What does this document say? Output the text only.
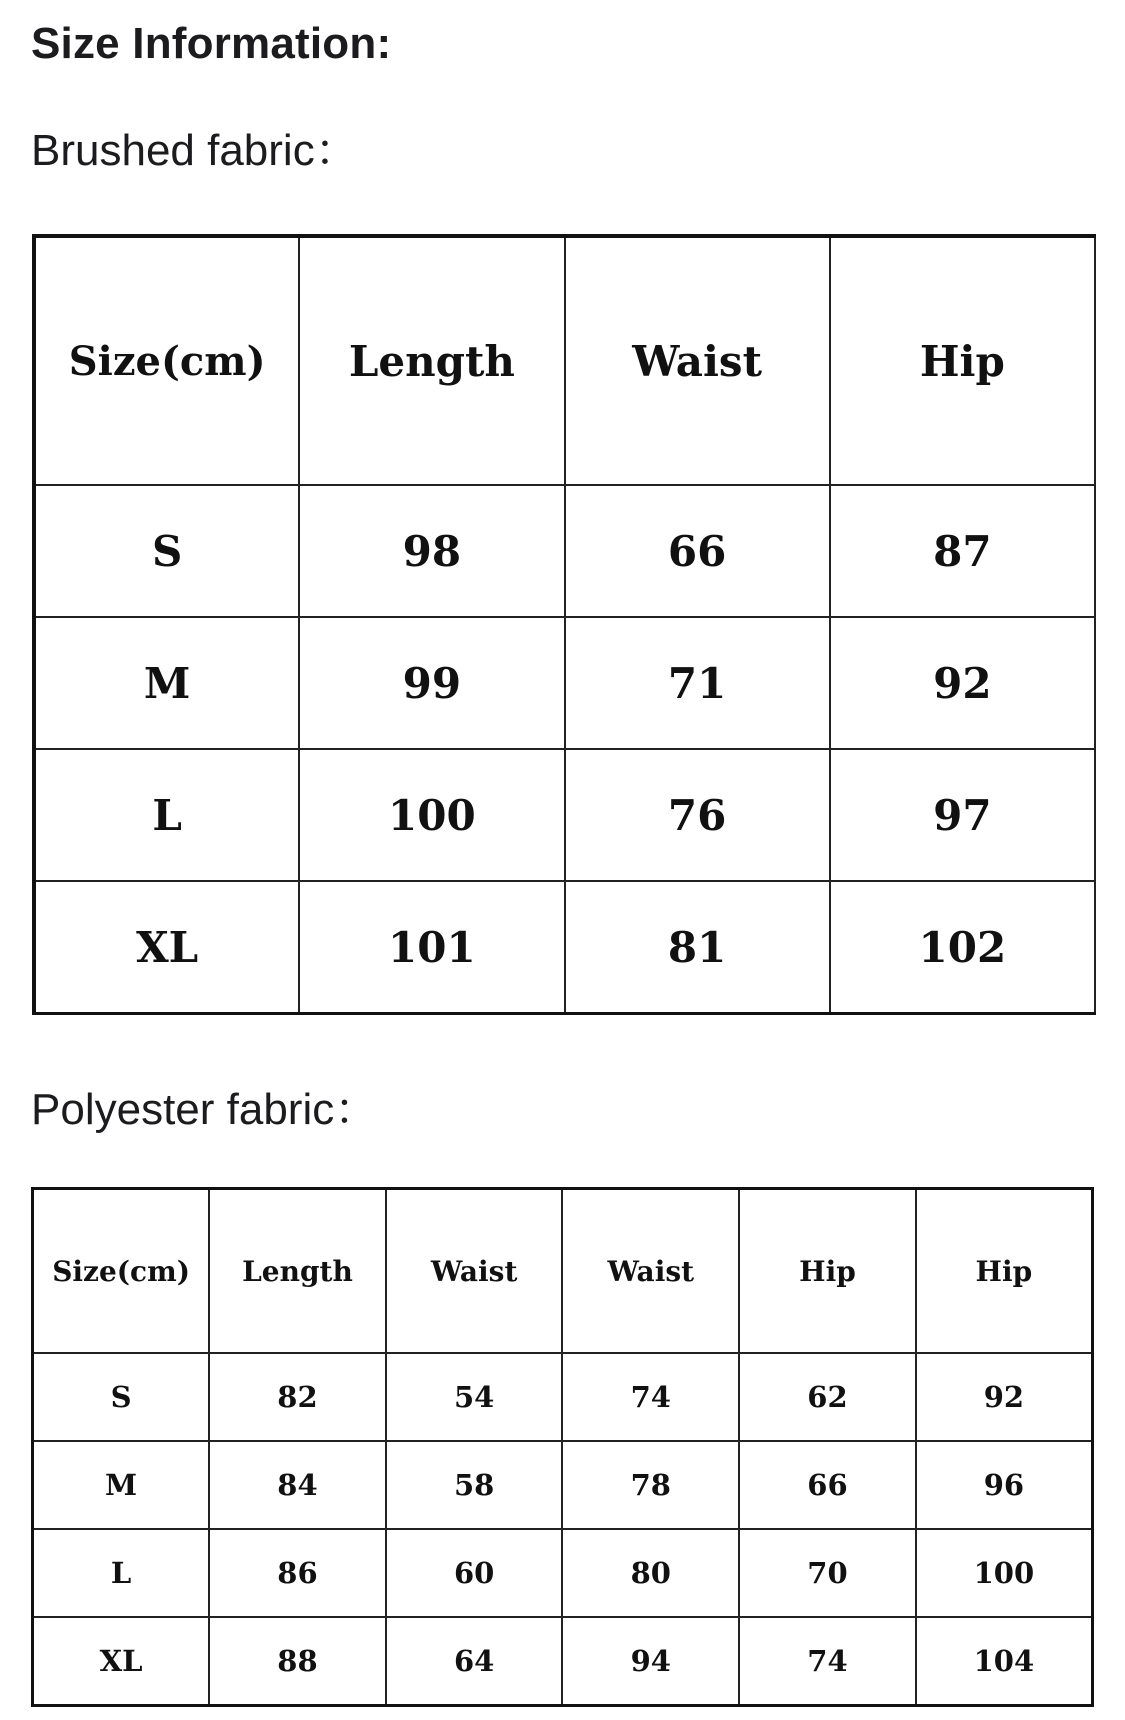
Size Information:
Brushed fabric：
Size(cm)	Length	Waist	Hip
S	98	66	87
M	99	71	92
L	100	76	97
XL	101	81	102
Polyester fabric：
Size(cm)	Length	Waist	Waist	Hip	Hip
S	82	54	74	62	92
M	84	58	78	66	96
L	86	60	80	70	100
XL	88	64	94	74	104
